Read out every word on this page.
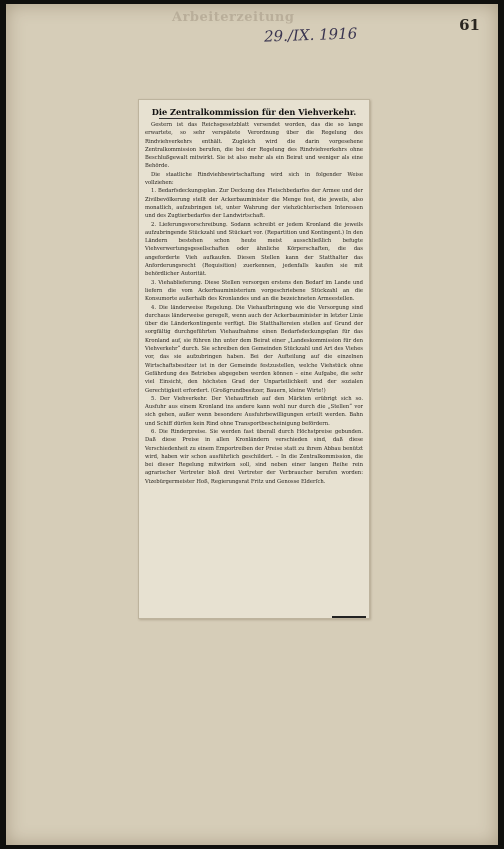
Arbeiterzeitung
29./IX. 1916	61
Die Zentralkommission für den Viehverkehr.

Gestern ist das Reichsgesetzblatt versendet worden, das die so lange erwartete, so sehr verspätete Verordnung über die Regelung des Rindviehverkehrs enthält. Zugleich wird die darin vorgesehene Zentralkommission berufen, die bei der Regelung des Rindviehverkehrs ohne Beschlußgewalt mitwirkt. Sie ist also mehr als ein Beirat und weniger als eine Behörde.

Die staatliche Rindviehbewirtschaftung wird sich in folgender Weise vollziehen:

1. Bedarfsdeckungsplan. Zur Deckung des Fleischbedarfes der Armee und der Zivilbevölkerung stellt der Ackerbauminister die Menge fest, die jeweils, also monatlich, aufzubringen ist, unter Wahrung der viehzüchterischen Interessen und des Zugtierbedarfes der Landwirtschaft.

2. Lieferungsvorschreibung. Sodann schreibt er jedem Kronland die jeweils aufzubringende Stückzahl und Stückart vor. (Repartition und Kontingent.) In den Ländern bestehen schon heute meist ausschließlich befugte Viehverwertungsgesellschaften oder ähnliche Körperschaften, die das angeforderte Vieh aufkaufen. Diesen Stellen kann der Statthalter das Anforderungsrecht (Requisition) zuerkennen, jedenfalls kaufen sie mit behördlicher Autorität.

3. Viehablieferung. Diese Stellen versorgen erstens den Bedarf im Lande und liefern die vom Ackerbauministerium vorgeschriebene Stückzahl an die Konsumorte außerhalb des Kronlandes und an die bezeichneten Armeestellen.

4. Die länderweise Regelung. Die Viehaufbringung wie die Versorgung sind durchaus länderweise geregelt, wenn auch der Ackerbauminister in letzter Linie über die Länderkontingente verfügt. Die Statthaltereien stellen auf Grund der sorgfältig durchgeführten Viehaufnahme einen Bedarfsdeckungsplan für das Kronland auf, sie führen ihn unter dem Beirat einer „Landeskommission für den Viehverkehr“ durch. Sie schreiben den Gemeinden Stückzahl und Art des Viehes vor, das sie aufzubringen haben. Bei der Aufteilung auf die einzelnen Wirtschaftsbesitzer ist in der Gemeinde festzustellen, welche Viehstück ohne Gefährdung des Betriebes abgegeben werden können – eine Aufgabe, die sehr viel Einsicht, den höchsten Grad der Unparteilichkeit und der sozialen Gerechtigkeit erfordert. (Großgrundbesitzer, Bauern, kleine Wirte!)

5. Der Viehverkehr. Der Viehauftrieb auf den Märkten erübrigt sich so. Ausfuhr aus einem Kronland ins andere kann wohl nur durch die „Stellen“ vor sich gehen, außer wenn besondere Ausfuhrbewilligungen erteilt werden. Bahn und Schiff dürfen kein Rind ohne Transportbescheinigung befördern.

6. Die Rinderpreise. Sie werden fast überall durch Höchstpreise gebunden. Daß diese Preise in allen Kronländern verschieden sind, daß diese Verschiedenheit zu einem Emportreiben der Preise statt zu ihrem Abbau benützt wird, haben wir schon ausführlich geschildert. – In die Zentralkommission, die bei dieser Regelung mitwirken soll, sind neben einer langen Reihe rein agrarischer Vertreter bloß drei Vertreter der Verbraucher berufen worden: Vizebürgermeister Hoß, Regierungsrat Fritz und Genosse Elderſch.
